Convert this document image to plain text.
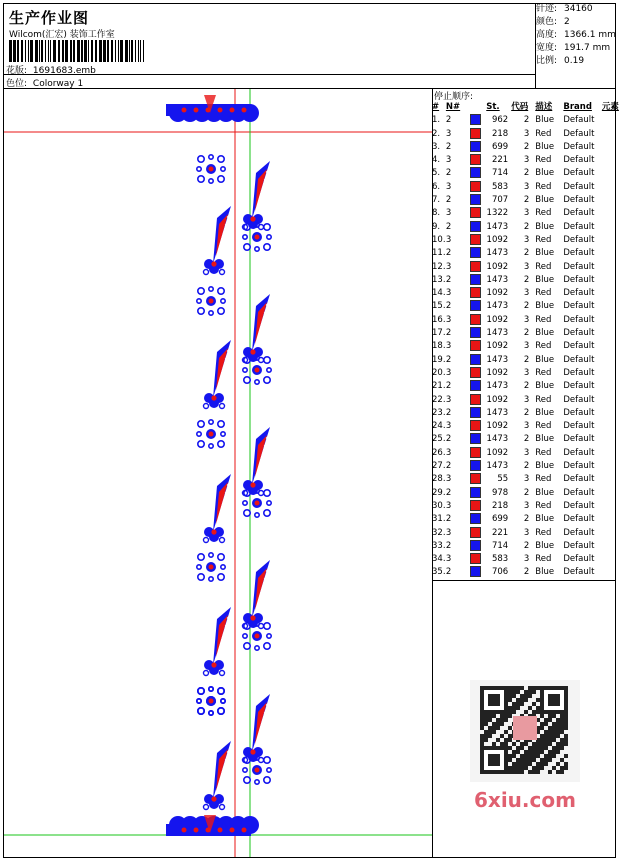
生产作业图
Wilcom(汇宏) 装饰工作室
花版: 1691683.emb
色位: Colorway 1
针迹: 34160
颜色: 2
高度: 1366.1 mm
宽度: 191.7 mm
比例: 0.19
停止顺序:
#	N#		St.	代码	描述	Brand	元素
1.	2		962	2	Blue	Default	
2.	3		218	3	Red	Default	
3.	2		699	2	Blue	Default	
4.	3		221	3	Red	Default	
5.	2		714	2	Blue	Default	
6.	3		583	3	Red	Default	
7.	2		707	2	Blue	Default	
8.	3		1322	3	Red	Default	
9.	2		1473	2	Blue	Default	
10.	3		1092	3	Red	Default	
11.	2		1473	2	Blue	Default	
12.	3		1092	3	Red	Default	
13.	2		1473	2	Blue	Default	
14.	3		1092	3	Red	Default	
15.	2		1473	2	Blue	Default	
16.	3		1092	3	Red	Default	
17.	2		1473	2	Blue	Default	
18.	3		1092	3	Red	Default	
19.	2		1473	2	Blue	Default	
20.	3		1092	3	Red	Default	
21.	2		1473	2	Blue	Default	
22.	3		1092	3	Red	Default	
23.	2		1473	2	Blue	Default	
24.	3		1092	3	Red	Default	
25.	2		1473	2	Blue	Default	
26.	3		1092	3	Red	Default	
27.	2		1473	2	Blue	Default	
28.	3		55	3	Red	Default	
29.	2		978	2	Blue	Default	
30.	3		218	3	Red	Default	
31.	2		699	2	Blue	Default	
32.	3		221	3	Red	Default	
33.	2		714	2	Blue	Default	
34.	3		583	3	Red	Default	
35.	2		706	2	Blue	Default	
6xiu.com
